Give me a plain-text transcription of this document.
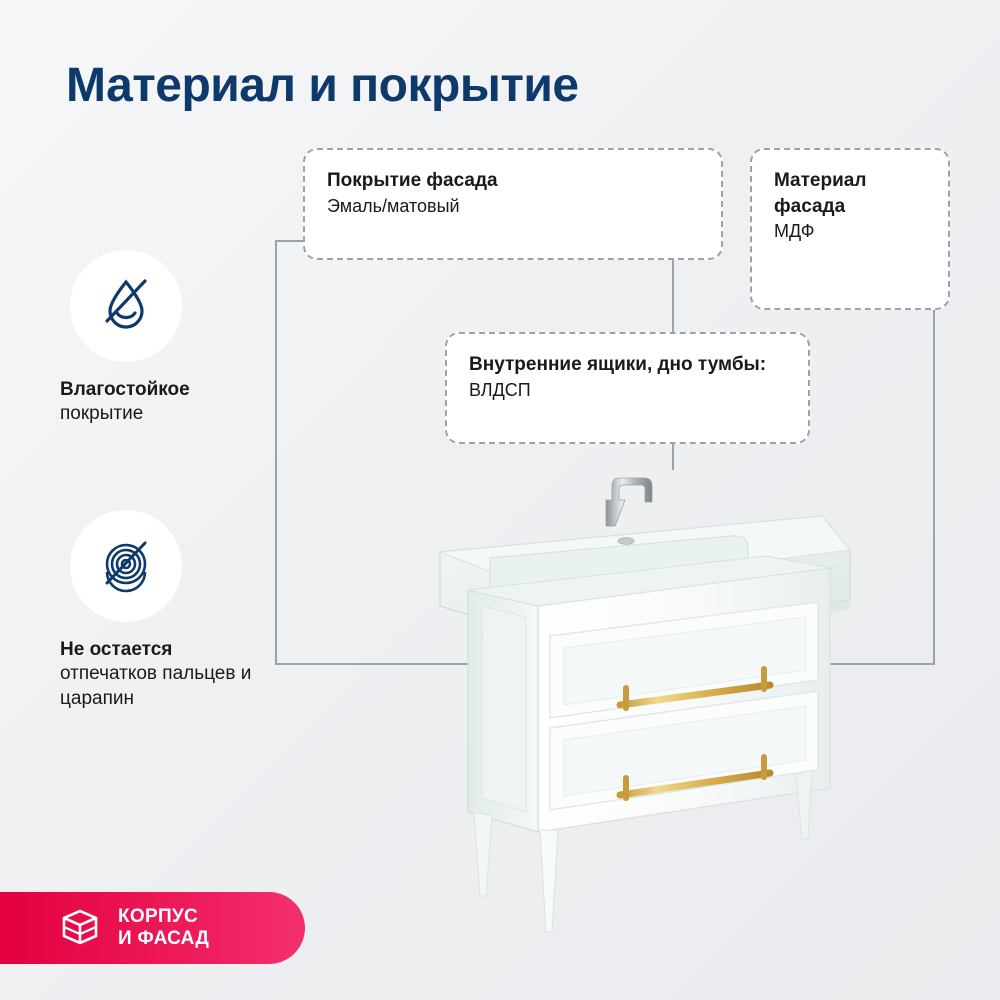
Материал и покрытие
Покрытие фасада
Эмаль/матовый
Материал фасада
МДФ
Внутренние ящики, дно тумбы: ВЛДСП
Влагостойкое
покрытие
Не остается
отпечатков пальцев и царапин
КОРПУС
И ФАСАД
